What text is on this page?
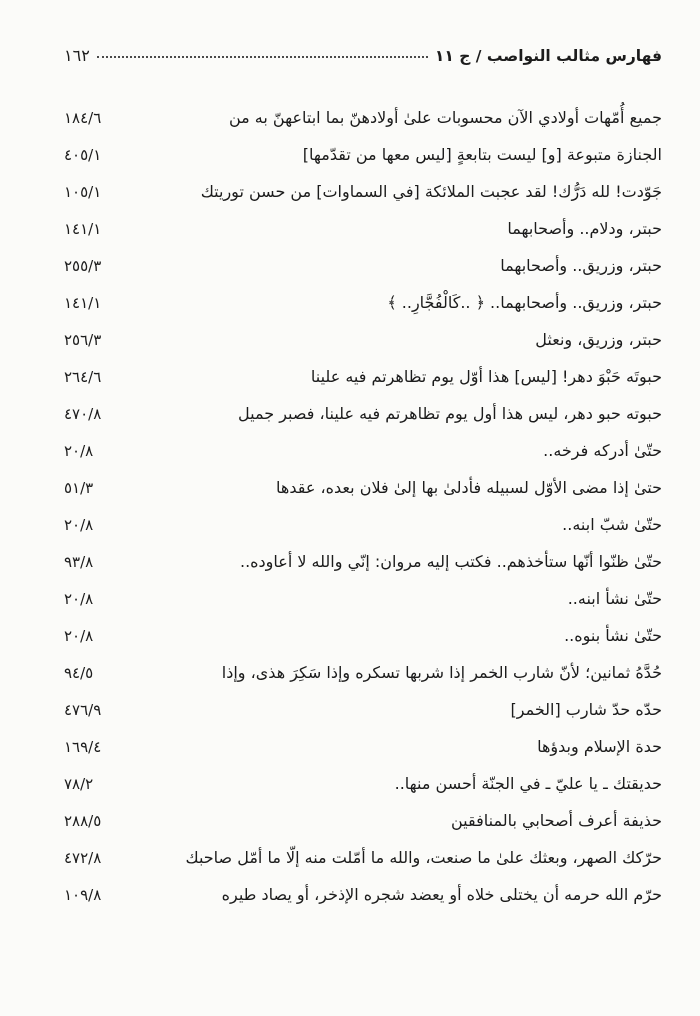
فهارس مثالب النواصب / ج ١١
١٦٢
جميع أُمّهات أولادي الآن محسوبات علىٰ أولادهنّ بما ابتاعهنّ به من
١٨٤/٦
الجنازة متبوعة [و] ليست بتابعةٍ [ليس معها من تقدّمها]
٤٠٥/١
جَوّدت! لله دَرُّك! لقد عجبت الملائكة [في السماوات] من حسن توريتك
١٠٥/١
حبتر، ودلام.. وأصحابهما
١٤١/١
حبتر، وزريق.. وأصحابهما
٢٥٥/٣
حبتر، وزريق.. وأصحابهما.. ﴿ ..كَالْفُجَّارِ.. ﴾
١٤١/١
حبتر، وزريق، ونعثل
٢٥٦/٣
حبوتَه حَبْوَ دهر! [ليس] هذا أوّل يوم تظاهرتم فيه علينا
٢٦٤/٦
حبوته حبو دهر، ليس هذا أول يوم تظاهرتم فيه علينا، فصبر جميل
٤٧٠/٨
حتّىٰ أدركه فرخه..
٢٠/٨
حتىٰ إذا مضى الأوّل لسبيله فأدلىٰ بها إلىٰ فلان بعده، عقدها
٥١/٣
حتّىٰ شبّ ابنه..
٢٠/٨
حتّىٰ ظنّوا أنّها ستأخذهم.. فكتب إليه مروان: إنّي والله لا أعاوده..
٩٣/٨
حتّىٰ نشأ ابنه..
٢٠/٨
حتّىٰ نشأ بنوه..
٢٠/٨
حُدَّهُ ثمانين؛ لأنّ شارب الخمر إذا شربها تسكره وإذا سَكِرَ هذى، وإذا
٩٤/٥
حدّه حدّ شارب [الخمر]
٤٧٦/٩
حدة الإسلام وبدؤها
١٦٩/٤
حديقتك ـ يا عليّ ـ في الجنّة أحسن منها..
٧٨/٢
حذيفة أعرف أصحابي بالمنافقين
٢٨٨/٥
حرّكك الصهر، وبعثك علىٰ ما صنعت، والله ما أمّلت منه إلّا ما أمّل صاحبك
٤٧٢/٨
حرّم الله حرمه أن يختلى خلاه أو يعضد شجره الإذخر، أو يصاد طيره
١٠٩/٨
